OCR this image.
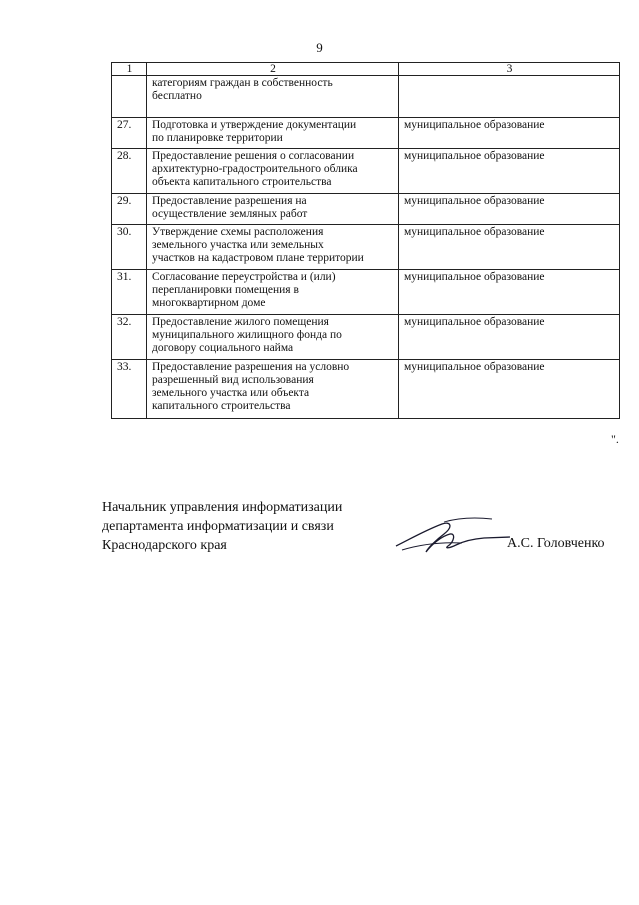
9
1	2	3

	категориям граждан в собственность
бесплатно	

27.	Подготовка и утверждение документации
по планировке территории	муниципальное образование

28.	Предоставление решения о согласовании
архитектурно-градостроительного облика
объекта капитального строительства	муниципальное образование

29.	Предоставление разрешения на
осуществление земляных работ	муниципальное образование

30.	Утверждение схемы расположения
земельного участка или земельных
участков на кадастровом плане территории	муниципальное образование

31.	Согласование переустройства и (или)
перепланировки помещения в
многоквартирном доме	муниципальное образование

32.	Предоставление жилого помещения
муниципального жилищного фонда по
договору социального найма	муниципальное образование

33.	Предоставление разрешения на условно
разрешенный вид использования
земельного участка или объекта
капитального строительства	муниципальное образование
".
Начальник управления информатизации
департамента информатизации и связи
Краснодарского края	А.С. Головченко
